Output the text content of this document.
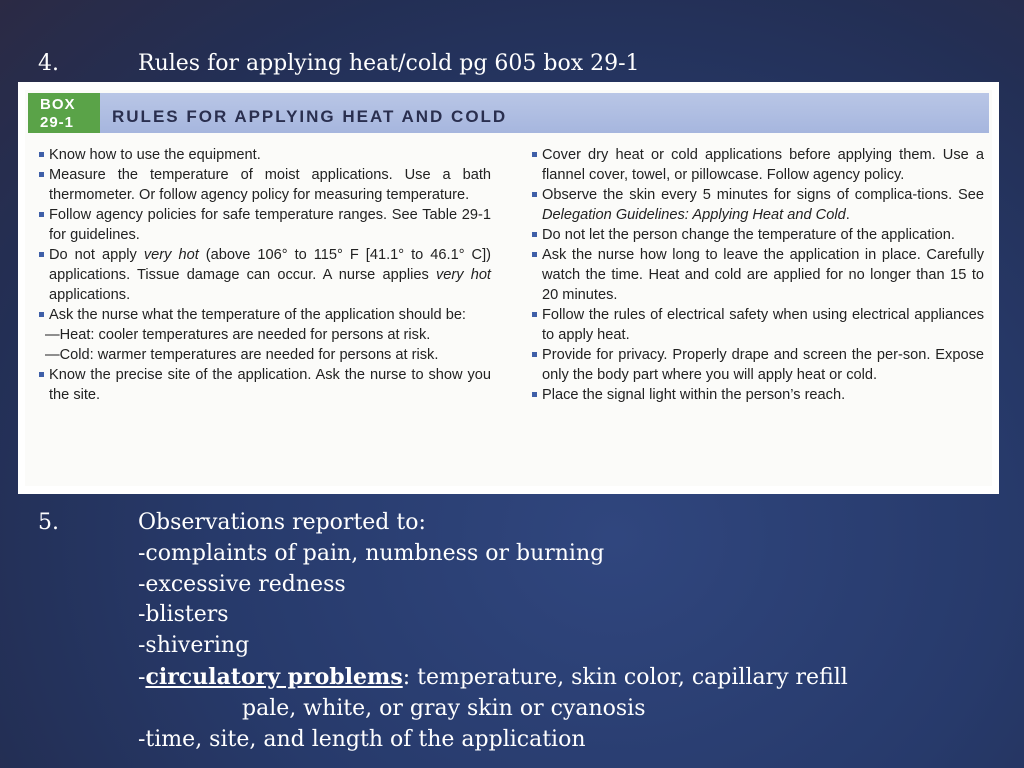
4.	Rules for applying heat/cold pg 605 box 29-1
BOX
29-1	RULES FOR APPLYING HEAT AND COLD
Know how to use the equipment.
Measure the temperature of moist applications. Use a bath thermometer. Or follow agency policy for measuring temperature.
Follow agency policies for safe temperature ranges. See Table 29-1 for guidelines.
Do not apply very hot (above 106° to 115° F [41.1° to 46.1° C]) applications. Tissue damage can occur. A nurse applies very hot applications.
Ask the nurse what the temperature of the application should be:
—Heat: cooler temperatures are needed for persons at risk.
—Cold: warmer temperatures are needed for persons at risk.
Know the precise site of the application. Ask the nurse to show you the site.
Cover dry heat or cold applications before applying them. Use a flannel cover, towel, or pillowcase. Follow agency policy.
Observe the skin every 5 minutes for signs of complica-tions. See Delegation Guidelines: Applying Heat and Cold.
Do not let the person change the temperature of the application.
Ask the nurse how long to leave the application in place. Carefully watch the time. Heat and cold are applied for no longer than 15 to 20 minutes.
Follow the rules of electrical safety when using electrical appliances to apply heat.
Provide for privacy. Properly drape and screen the per-son. Expose only the body part where you will apply heat or cold.
Place the signal light within the person’s reach.
5.	Observations reported to:
-complaints of pain, numbness or burning
-excessive redness
-blisters
-shivering
-circulatory problems: temperature, skin color, capillary refill
pale, white, or gray skin or cyanosis
-time, site, and length of the application
